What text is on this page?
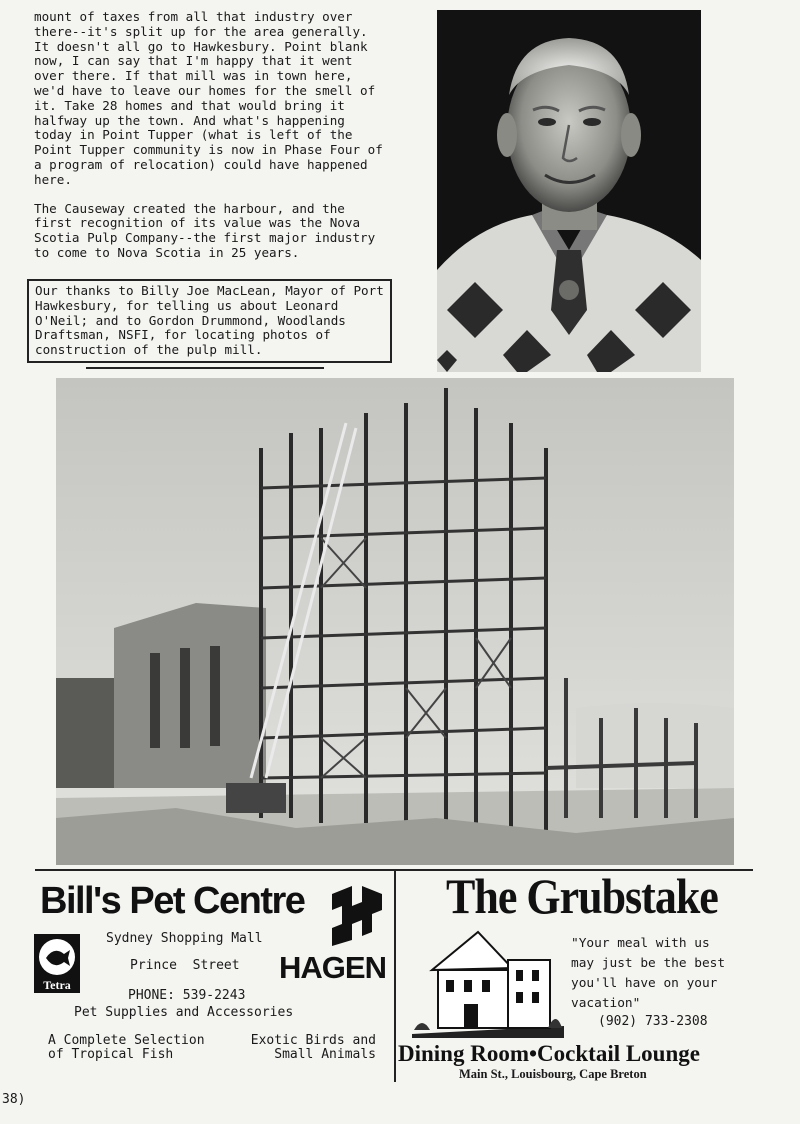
mount of taxes from all that industry over there--it's split up for the area generally. It doesn't all go to Hawkesbury. Point blank now, I can say that I'm happy that it went over there. If that mill was in town here, we'd have to leave our homes for the smell of it. Take 28 homes and that would bring it halfway up the town. And what's happening today in Point Tupper (what is left of the Point Tupper community is now in Phase Four of a program of relocation) could have happened here.

The Causeway created the harbour, and the first recognition of its value was the Nova Scotia Pulp Company--the first major industry to come to Nova Scotia in 25 years.

Our thanks to Billy Joe MacLean, Mayor of Port Hawkesbury, for telling us about Leonard O'Neil; and to Gordon Drummond, Woodlands Draftsman, NSFI, for locating photos of construction of the pulp mill.
Bill's Pet Centre
Tetra
Sydney Shopping Mall
Prince  Street HAGEN
PHONE: 539-2243
Pet Supplies and Accessories
A Complete Selection
of Tropical Fish
Exotic Birds and
Small Animals
The Grubstake
"Your meal with us
may just be the best
you'll have on your
vacation"
(902) 733-2308
Dining Room•Cocktail Lounge
Main St., Louisbourg, Cape Breton
38)
